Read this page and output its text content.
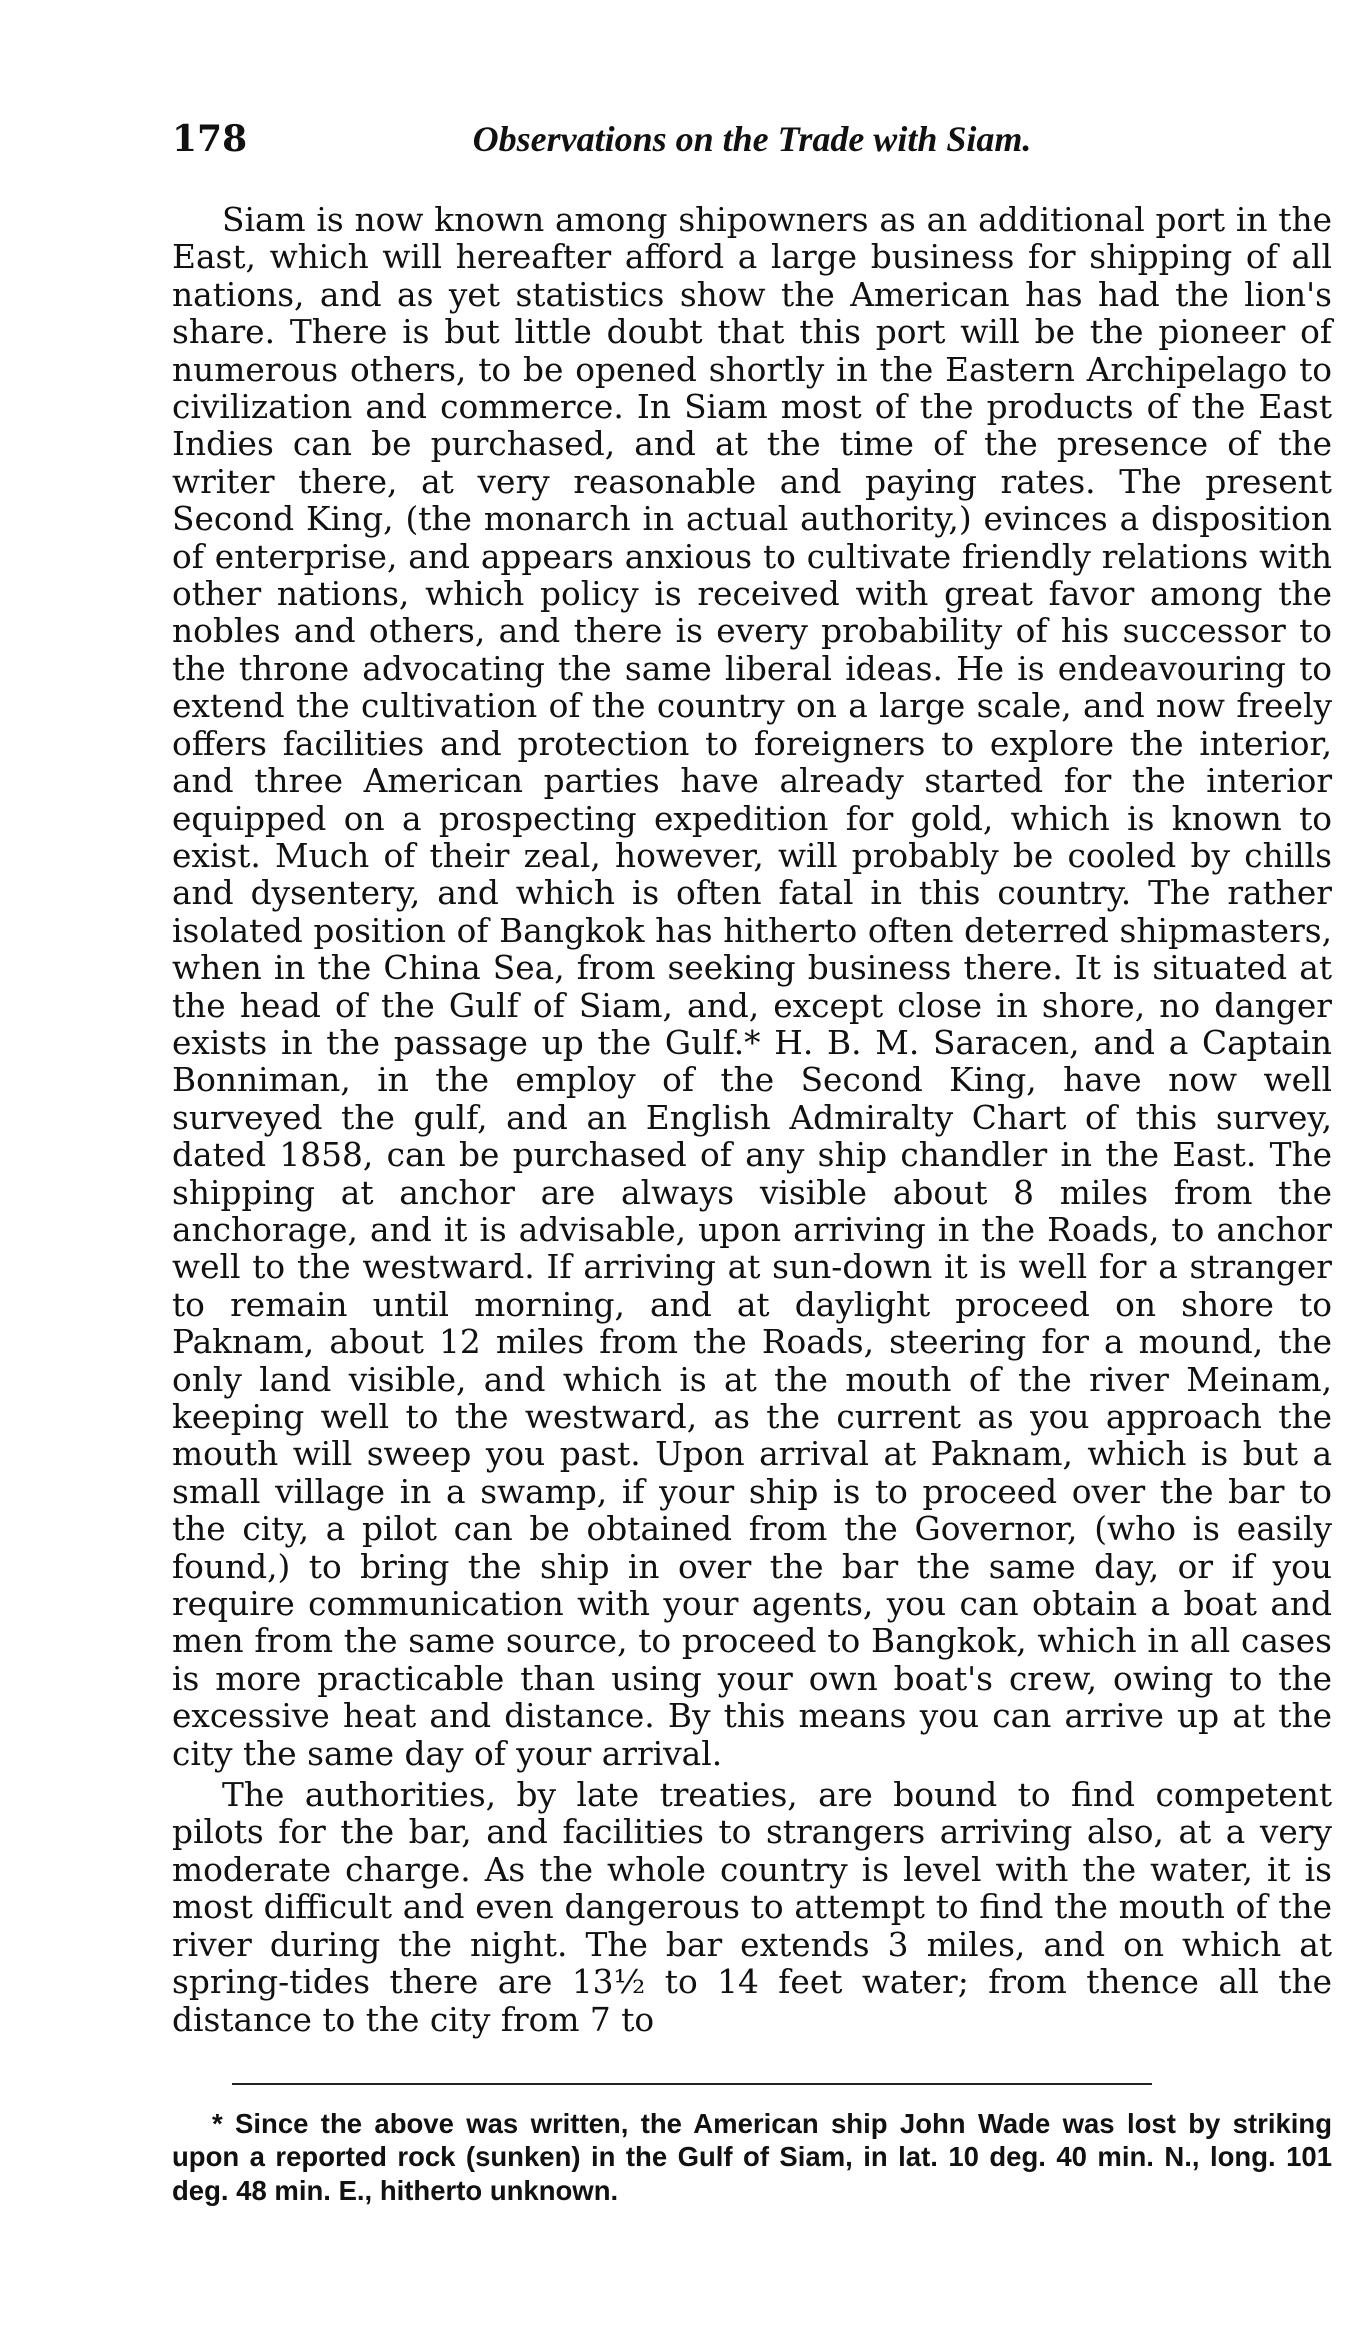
178	Observations on the Trade with Siam.

Siam is now known among shipowners as an additional port in the East, which will hereafter afford a large business for shipping of all nations, and as yet statistics show the American has had the lion's share. There is but little doubt that this port will be the pioneer of numerous others, to be opened shortly in the Eastern Archipelago to civilization and commerce. In Siam most of the products of the East Indies can be purchased, and at the time of the presence of the writer there, at very reasonable and paying rates. The present Second King, (the monarch in actual authority,) evinces a disposition of enterprise, and appears anxious to cultivate friendly relations with other nations, which policy is received with great favor among the nobles and others, and there is every probability of his successor to the throne advocating the same liberal ideas. He is endeavouring to extend the cultivation of the country on a large scale, and now freely offers facilities and protection to foreigners to explore the interior, and three American parties have already started for the interior equipped on a prospecting expedition for gold, which is known to exist. Much of their zeal, however, will probably be cooled by chills and dysentery, and which is often fatal in this country. The rather isolated position of Bangkok has hitherto often deterred shipmasters, when in the China Sea, from seeking business there. It is situated at the head of the Gulf of Siam, and, except close in shore, no danger exists in the passage up the Gulf.* H. B. M. Saracen, and a Captain Bonniman, in the employ of the Second King, have now well surveyed the gulf, and an English Admiralty Chart of this survey, dated 1858, can be purchased of any ship chandler in the East. The shipping at anchor are always visible about 8 miles from the anchorage, and it is advisable, upon arriving in the Roads, to anchor well to the westward. If arriving at sun-down it is well for a stranger to remain until morning, and at daylight proceed on shore to Paknam, about 12 miles from the Roads, steering for a mound, the only land visible, and which is at the mouth of the river Meinam, keeping well to the westward, as the current as you approach the mouth will sweep you past. Upon arrival at Paknam, which is but a small village in a swamp, if your ship is to proceed over the bar to the city, a pilot can be obtained from the Governor, (who is easily found,) to bring the ship in over the bar the same day, or if you require communication with your agents, you can obtain a boat and men from the same source, to proceed to Bangkok, which in all cases is more practicable than using your own boat's crew, owing to the excessive heat and distance. By this means you can arrive up at the city the same day of your arrival.

The authorities, by late treaties, are bound to find competent pilots for the bar, and facilities to strangers arriving also, at a very moderate charge. As the whole country is level with the water, it is most difficult and even dangerous to attempt to find the mouth of the river during the night. The bar extends 3 miles, and on which at spring-tides there are 13½ to 14 feet water; from thence all the distance to the city from 7 to

* Since the above was written, the American ship John Wade was lost by striking upon a reported rock (sunken) in the Gulf of Siam, in lat. 10 deg. 40 min. N., long. 101 deg. 48 min. E., hitherto unknown.
